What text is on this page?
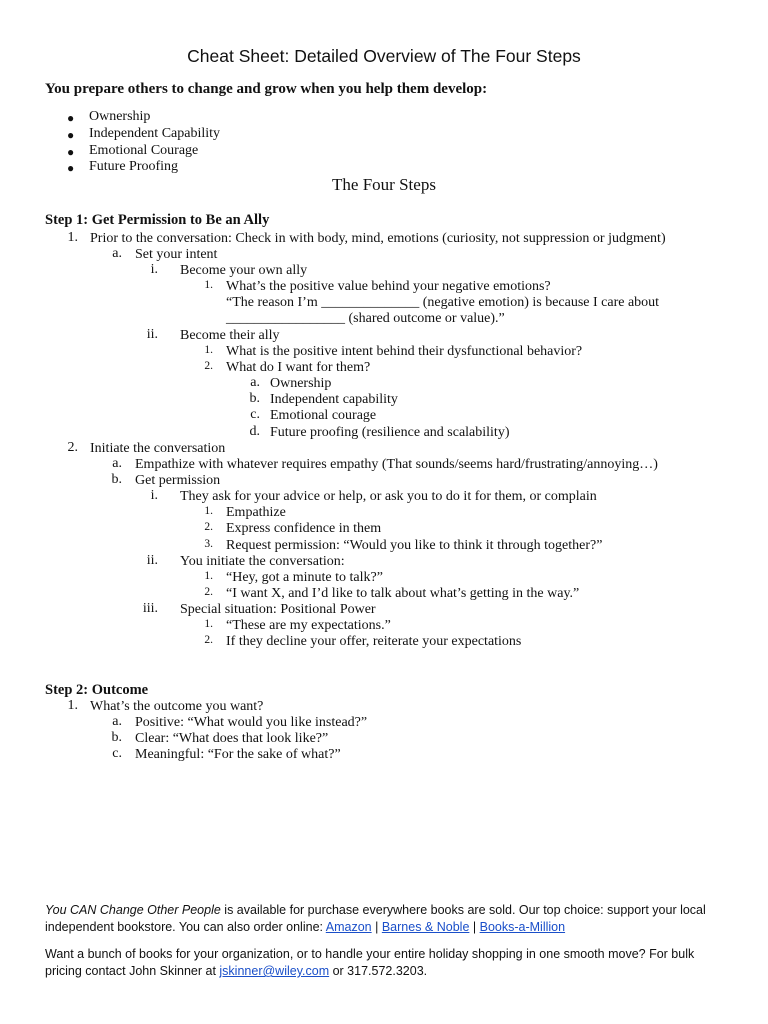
Cheat Sheet: Detailed Overview of The Four Steps
You prepare others to change and grow when you help them develop:
● Ownership
● Independent Capability
● Emotional Courage
● Future Proofing
The Four Steps
Step 1: Get Permission to Be an Ally
1. Prior to the conversation: Check in with body, mind, emotions (curiosity, not suppression or judgment)
a. Set your intent
i. Become your own ally
1. What’s the positive value behind your negative emotions?
“The reason I’m ______________ (negative emotion) is because I care about
_________________ (shared outcome or value).”
ii. Become their ally
1. What is the positive intent behind their dysfunctional behavior?
2. What do I want for them?
a. Ownership
b. Independent capability
c. Emotional courage
d. Future proofing (resilience and scalability)
2. Initiate the conversation
a. Empathize with whatever requires empathy (That sounds/seems hard/frustrating/annoying…)
b. Get permission
i. They ask for your advice or help, or ask you to do it for them, or complain
1. Empathize
2. Express confidence in them
3. Request permission: “Would you like to think it through together?”
ii. You initiate the conversation:
1. “Hey, got a minute to talk?”
2. “I want X, and I’d like to talk about what’s getting in the way.”
iii. Special situation: Positional Power
1. “These are my expectations.”
2. If they decline your offer, reiterate your expectations
Step 2: Outcome
1. What’s the outcome you want?
a. Positive: “What would you like instead?”
b. Clear: “What does that look like?”
c. Meaningful: “For the sake of what?”
You CAN Change Other People is available for purchase everywhere books are sold. Our top choice: support your local independent bookstore. You can also order online: Amazon | Barnes & Noble | Books-a-Million
Want a bunch of books for your organization, or to handle your entire holiday shopping in one smooth move? For bulk pricing contact John Skinner at jskinner@wiley.com or 317.572.3203.
